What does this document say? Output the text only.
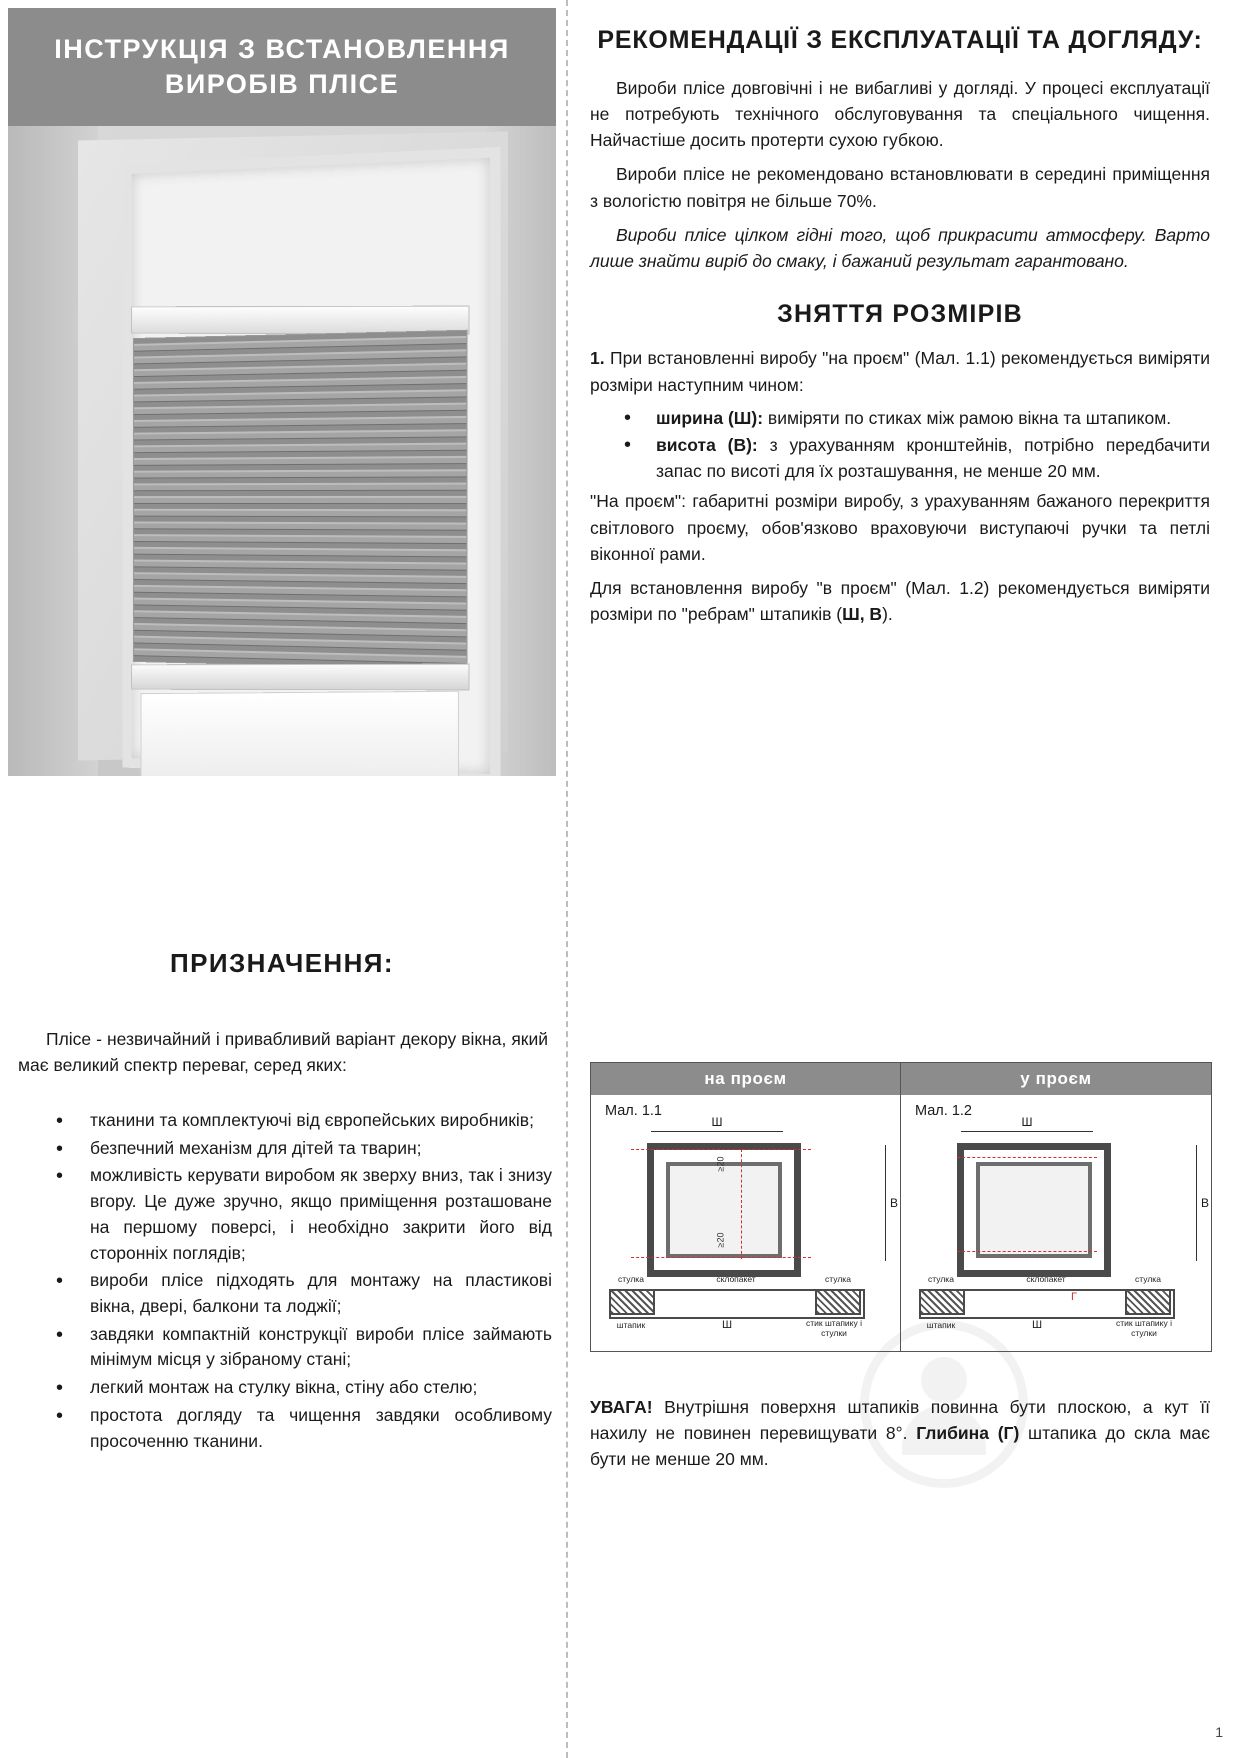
ІНСТРУКЦІЯ З ВСТАНОВЛЕННЯ ВИРОБІВ ПЛІСЕ
ПРИЗНАЧЕННЯ:

Пліcе - незвичайний і привабливий варіант декору вікна, який має великий спектр переваг, серед яких:

• тканини та комплектуючі від європейських виробників;
• безпечний механізм для дітей та тварин;
• можливість керувати виробом як зверху вниз, так і знизу вгору. Це дуже зручно, якщо приміщення розташоване на першому поверсі, і необхідно закрити його від сторонніх поглядів;
• вироби пліcе підходять для монтажу на пластикові вікна, двері, балкони та лоджії;
• завдяки компактній конструкції вироби пліcе займають мінімум місця у зібраному стані;
• легкий монтаж на стулку вікна, стіну або стелю;
• простота догляду та чищення завдяки особливому просоченню тканини.
РЕКОМЕНДАЦІЇ З ЕКСПЛУАТАЦІЇ ТА ДОГЛЯДУ:

Вироби пліcе довговічні і не вибагливі у догляді. У процесі експлуатації не потребують технічного обслуговування та спеціального чищення. Найчастіше досить протерти сухою губкою.

Вироби пліcе не рекомендовано встановлювати в середині приміщення з вологістю повітря не більше 70%.

Вироби пліcе цілком гідні того, щоб прикрасити атмосферу. Варто лише знайти виріб до смаку, і бажаний результат гарантовано.

ЗНЯТТЯ РОЗМІРІВ

1. При встановленні виробу "на проєм" (Мал. 1.1) рекомендується виміряти розміри наступним чином:

• ширина (Ш): виміряти по стиках між рамою вікна та штапиком.
• висота (В): з урахуванням кронштейнів, потрібно передбачити запас по висоті для їх розташування, не менше 20 мм.

"На проєм": габаритні розміри виробу, з урахуванням бажаного перекриття світлового проєму, обов'язково враховуючи виступаючі ручки та петлі віконної рами.

Для встановлення виробу "в проєм" (Мал. 1.2) рекомендується виміряти розміри по "ребрам" штапиків (Ш, В).

на проєм
Мал. 1.1
Ш
≥20
≥20
В
штапик
стулка	склопакет	стулка
стик штапику і стулки
Ш
у проєм
Мал. 1.2
Ш
В
штапик
стулка	склопакет	стулка
стик штапику і стулки
Ш
Г

УВАГА! Внутрішня поверхня штапиків повинна бути плоскою, а кут її нахилу не повинен перевищувати 8°. Глибина (Г) штапика до скла має бути не менше 20 мм.

1
